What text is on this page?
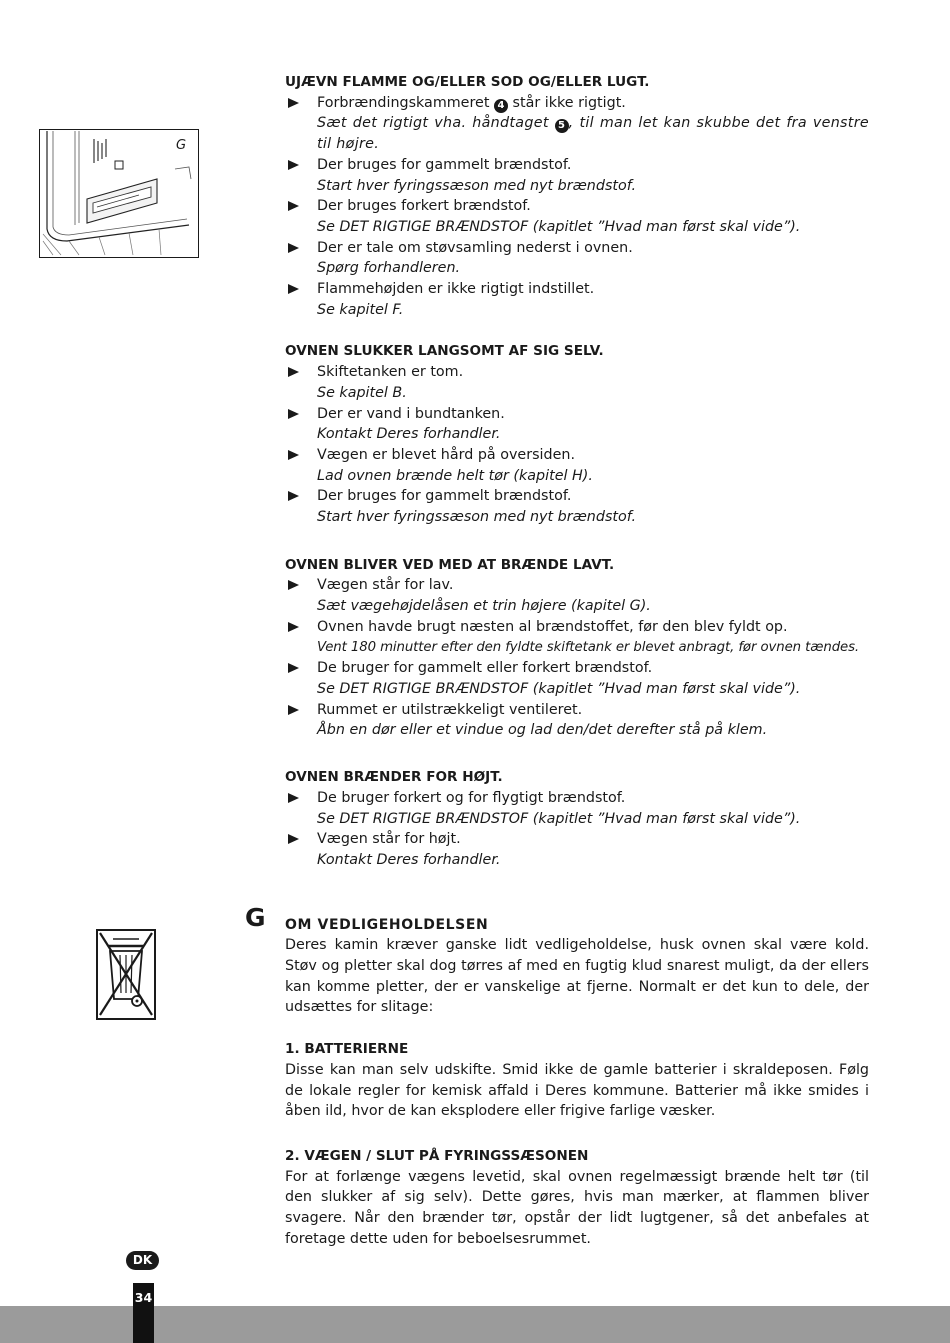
G
UJÆVN FLAMME OG/ELLER SOD OG/ELLER LUGT.
Forbrændingskammeret 4 står ikke rigtigt.
Sæt det rigtigt vha. håndtaget 5 , til man let kan skubbe det fra venstre til højre.
Der bruges for gammelt brændstof.
Start hver fyringssæson med nyt brændstof.
Der bruges forkert brændstof.
Se DET RIGTIGE BRÆNDSTOF (kapitlet ”Hvad man først skal vide”).
Der er tale om støvsamling nederst i ovnen.
Spørg forhandleren.
Flammehøjden er ikke rigtigt indstillet.
Se kapitel F.
OVNEN SLUKKER LANGSOMT AF SIG SELV.
Skiftetanken er tom.
Se kapitel B.
Der er vand i bundtanken.
Kontakt Deres forhandler.
Vægen er blevet hård på oversiden.
Lad ovnen brænde helt tør (kapitel H).
Der bruges for gammelt brændstof.
Start hver fyringssæson med nyt brændstof.
OVNEN BLIVER VED MED AT BRÆNDE LAVT.
Vægen står for lav.
Sæt vægehøjdelåsen et trin højere (kapitel G).
Ovnen havde brugt næsten al brændstoffet, før den blev fyldt op.
Vent 180 minutter efter den fyldte skiftetank er blevet anbragt, før ovnen tændes.
De bruger for gammelt eller forkert brændstof.
Se DET RIGTIGE BRÆNDSTOF (kapitlet ”Hvad man først skal vide”).
Rummet er utilstrækkeligt ventileret.
Åbn en dør eller et vindue og lad den/det derefter stå på klem.
OVNEN BRÆNDER FOR HØJT.
De bruger forkert og for flygtigt brændstof.
Se DET RIGTIGE BRÆNDSTOF (kapitlet ”Hvad man først skal vide”).
Vægen står for højt.
Kontakt Deres forhandler.
OM VEDLIGEHOLDELSEN
Deres kamin kræver ganske lidt vedligeholdelse, husk ovnen skal være kold. Støv og pletter skal dog tørres af med en fugtig klud snarest muligt, da der ellers kan komme pletter, der er vanskelige at fjerne. Normalt er det kun to dele, der udsættes for slitage:
1. BATTERIERNE
Disse kan man selv udskifte. Smid ikke de gamle batterier i skraldeposen. Følg de lokale regler for kemisk affald i Deres kommune. Batterier må ikke smides i åben ild, hvor de kan eksplodere eller frigive farlige væsker.
2. VÆGEN / SLUT PÅ FYRINGSSÆSONEN
For at forlænge vægens levetid, skal ovnen regelmæssigt brænde helt tør (til den slukker af sig selv). Dette gøres, hvis man mærker, at flammen bliver svagere. Når den brænder tør, opstår der lidt lugtgener, så det anbefales at foretage dette uden for beboelsesrummet.
G
DK
34
